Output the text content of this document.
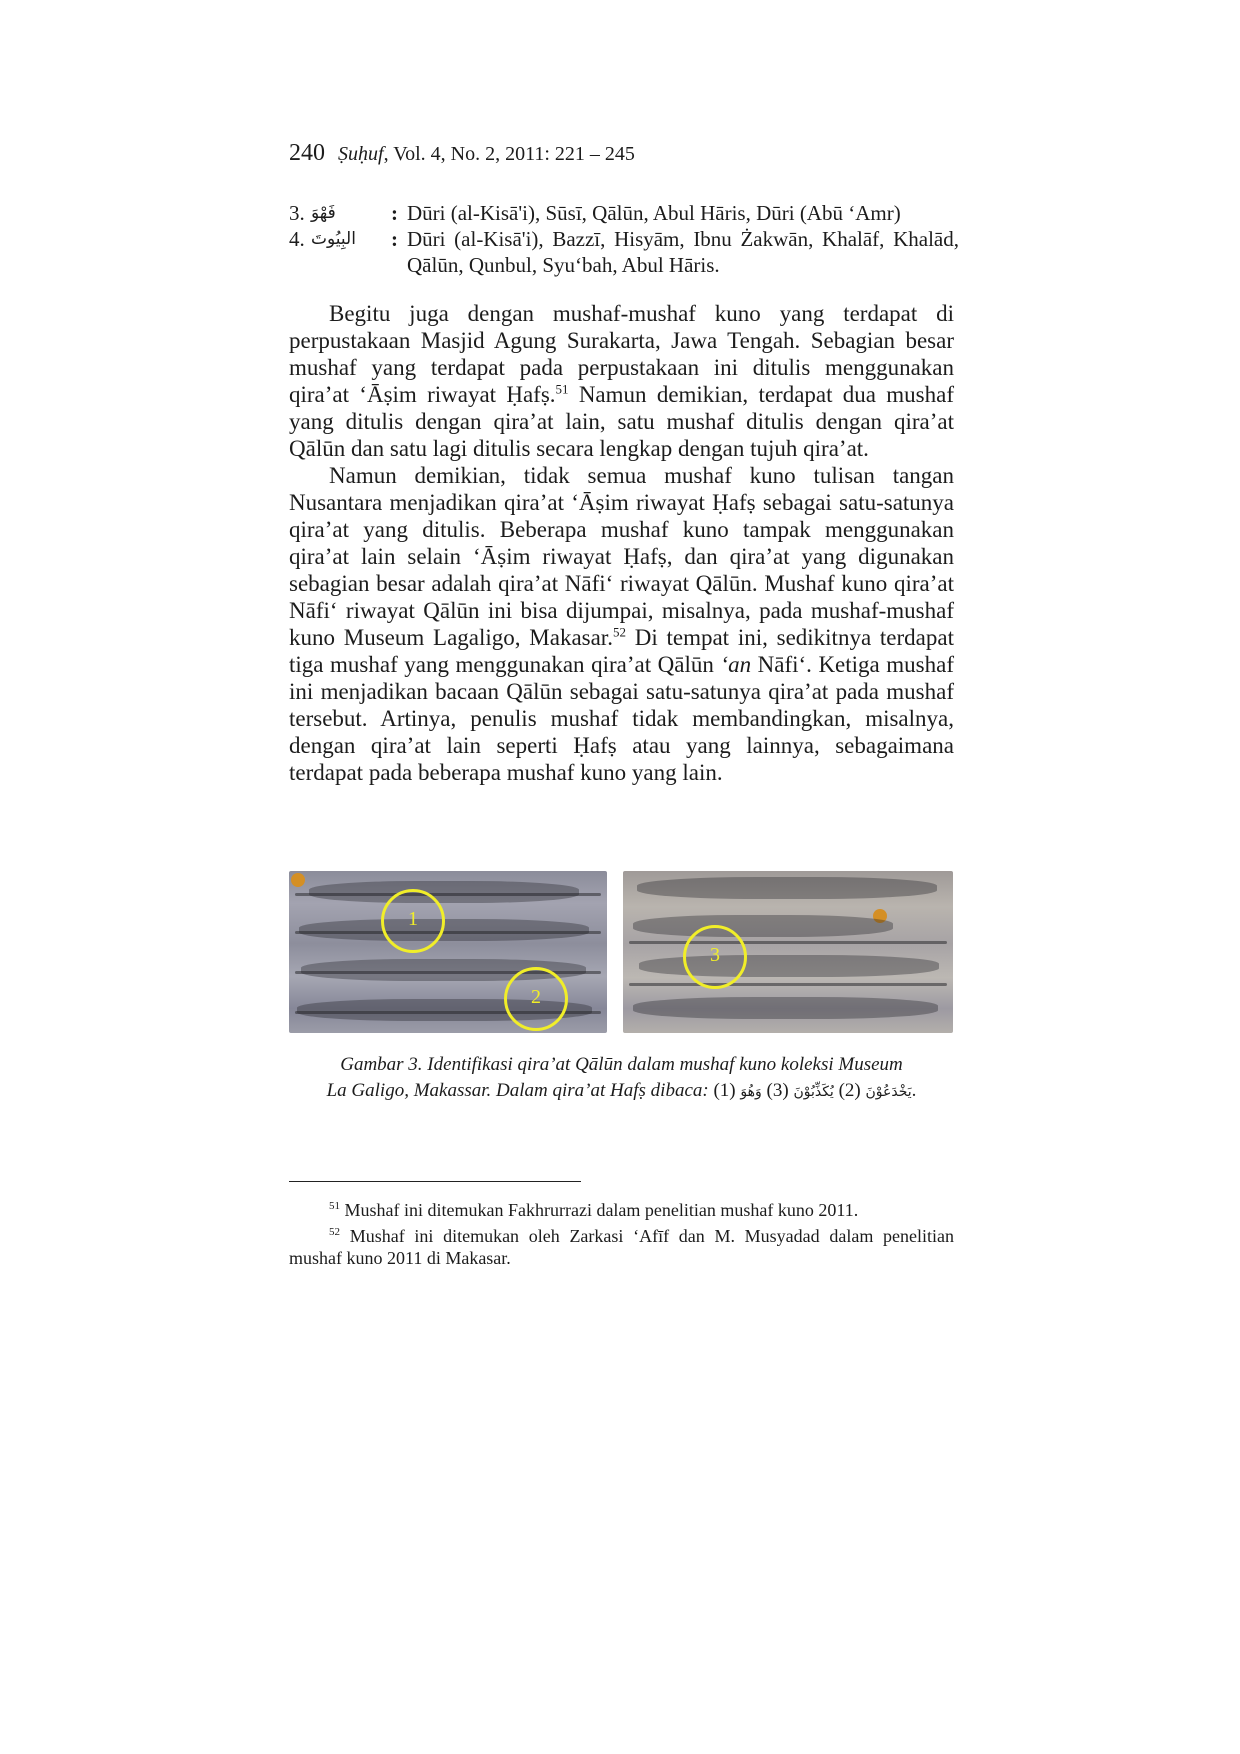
240 Ṣuḥuf, Vol. 4, No. 2, 2011: 221 – 245
3. فَهْوَ	: Dūri (al-Kisā'i), Sūsī, Qālūn, Abul Hāris, Dūri (Abū ‘Amr)
4. البِيُوتَ	: Dūri (al-Kisā'i), Bazzī, Hisyām, Ibnu Żakwān, Khalāf, Khalād, Qālūn, Qunbul, Syu‘bah, Abul Hāris.

Begitu juga dengan mushaf-mushaf kuno yang terdapat di perpustakaan Masjid Agung Surakarta, Jawa Tengah. Sebagian besar mushaf yang terdapat pada perpustakaan ini ditulis menggunakan qira’at ‘Āṣim riwayat Ḥafṣ.$^{51}$ Namun demikian, terdapat dua mushaf yang ditulis dengan qira’at lain, satu mushaf ditulis dengan qira’at Qālūn dan satu lagi ditulis secara lengkap dengan tujuh qira’at.

Namun demikian, tidak semua mushaf kuno tulisan tangan Nusantara menjadikan qira’at ‘Āṣim riwayat Ḥafṣ sebagai satu-satunya qira’at yang ditulis. Beberapa mushaf kuno tampak menggunakan qira’at lain selain ‘Āṣim riwayat Ḥafṣ, dan qira’at yang digunakan sebagian besar adalah qira’at Nāfi‘ riwayat Qālūn. Mushaf kuno qira’at Nāfi‘ riwayat Qālūn ini bisa dijumpai, misalnya, pada mushaf-mushaf kuno Museum Lagaligo, Makasar.$^{52}$ Di tempat ini, sedikitnya terdapat tiga mushaf yang menggunakan qira’at Qālūn ‘an Nāfi‘. Ketiga mushaf ini menjadikan bacaan Qālūn sebagai satu-satunya qira’at pada mushaf tersebut. Artinya, penulis mushaf tidak membandingkan, misalnya, dengan qira’at lain seperti Ḥafṣ atau yang lainnya, sebagaimana terdapat pada beberapa mushaf kuno yang lain.

1
2
3
Gambar 3. Identifikasi qira’at Qālūn dalam mushaf kuno koleksi Museum
La Galigo, Makassar. Dalam qira’at Hafṣ dibaca: (1)	يَخْدَعُوْنَ (2) يُكَذِّبُوْنَ (3) وَهُوَ	.

$^{51}$ Mushaf ini ditemukan Fakhrurrazi dalam penelitian mushaf kuno 2011.

$^{52}$ Mushaf ini ditemukan oleh Zarkasi ‘Afīf dan M. Musyadad dalam penelitian mushaf kuno 2011 di Makasar.
